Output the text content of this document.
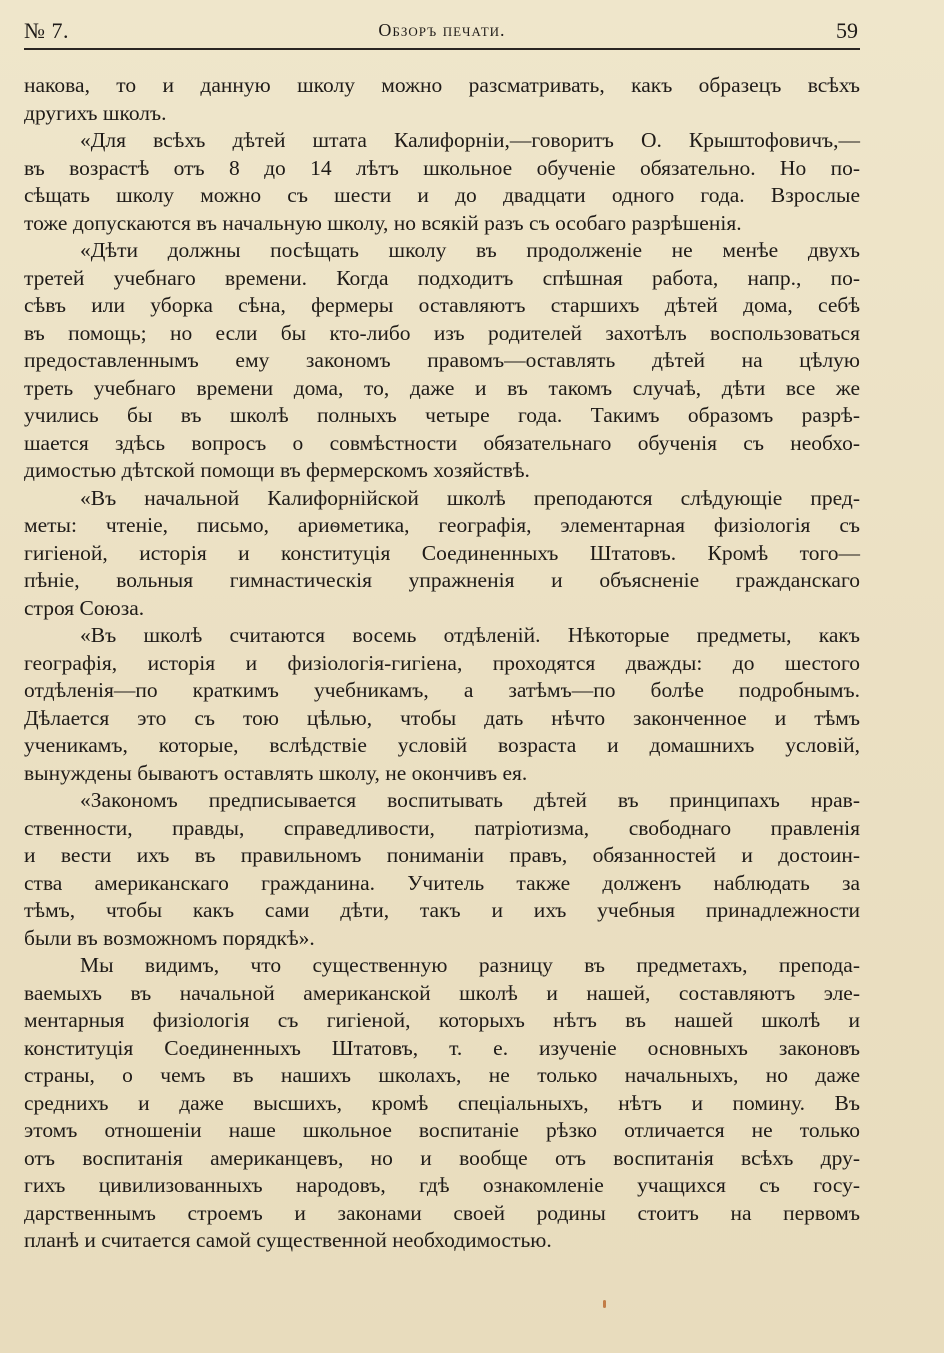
№ 7.	Обзоръ печати.	59

накова, то и данную школу можно разсматривать, какъ образецъ всѣхъ
другихъ школъ.

«Для всѣхъ дѣтей штата Калифорніи,—говоритъ О. Крыштофовичъ,—
въ возрастѣ отъ 8 до 14 лѣтъ школьное обученіе обязательно. Но по-
сѣщать школу можно съ шести и до двадцати одного года. Взрослые
тоже допускаются въ начальную школу, но всякій разъ съ особаго разрѣшенія.

«Дѣти должны посѣщать школу въ продолженіе не менѣе двухъ
третей учебнаго времени. Когда подходитъ спѣшная работа, напр., по-
сѣвъ или уборка сѣна, фермеры оставляютъ старшихъ дѣтей дома, себѣ
въ помощь; но если бы кто-либо изъ родителей захотѣлъ воспользоваться
предоставленнымъ ему закономъ правомъ—оставлять дѣтей на цѣлую
треть учебнаго времени дома, то, даже и въ такомъ случаѣ, дѣти все же
учились бы въ школѣ полныхъ четыре года. Такимъ образомъ разрѣ-
шается здѣсь вопросъ о совмѣстности обязательнаго обученія съ необхо-
димостью дѣтской помощи въ фермерскомъ хозяйствѣ.

«Въ начальной Калифорнійской школѣ преподаются слѣдующіе пред-
меты: чтеніе, письмо, ариѳметика, географія, элементарная физіологія съ
гигіеной, исторія и конституція Соединенныхъ Штатовъ. Кромѣ того—
пѣніе, вольныя гимнастическія упражненія и объясненіе гражданскаго
строя Союза.

«Въ школѣ считаются восемь отдѣленій. Нѣкоторые предметы, какъ
географія, исторія и физіологія-гигіена, проходятся дважды: до шестого
отдѣленія—по краткимъ учебникамъ, а затѣмъ—по болѣе подробнымъ.
Дѣлается это съ тою цѣлью, чтобы дать нѣчто законченное и тѣмъ
ученикамъ, которые, вслѣдствіе условій возраста и домашнихъ условій,
вынуждены бываютъ оставлять школу, не окончивъ ея.

«Закономъ предписывается воспитывать дѣтей въ принципахъ нрав-
ственности, правды, справедливости, патріотизма, свободнаго правленія
и вести ихъ въ правильномъ пониманіи правъ, обязанностей и достоин-
ства американскаго гражданина. Учитель также долженъ наблюдать за
тѣмъ, чтобы какъ сами дѣти, такъ и ихъ учебныя принадлежности
были въ возможномъ порядкѣ».

Мы видимъ, что существенную разницу въ предметахъ, препода-
ваемыхъ въ начальной американской школѣ и нашей, составляютъ эле-
ментарныя физіологія съ гигіеной, которыхъ нѣтъ въ нашей школѣ и
конституція Соединенныхъ Штатовъ, т. е. изученіе основныхъ законовъ
страны, о чемъ въ нашихъ школахъ, не только начальныхъ, но даже
среднихъ и даже высшихъ, кромѣ спеціальныхъ, нѣтъ и помину. Въ
этомъ отношеніи наше школьное воспитаніе рѣзко отличается не только
отъ воспитанія американцевъ, но и вообще отъ воспитанія всѣхъ дру-
гихъ цивилизованныхъ народовъ, гдѣ ознакомленіе учащихся съ госу-
дарственнымъ строемъ и законами своей родины стоитъ на первомъ
планѣ и считается самой существенной необходимостью.
